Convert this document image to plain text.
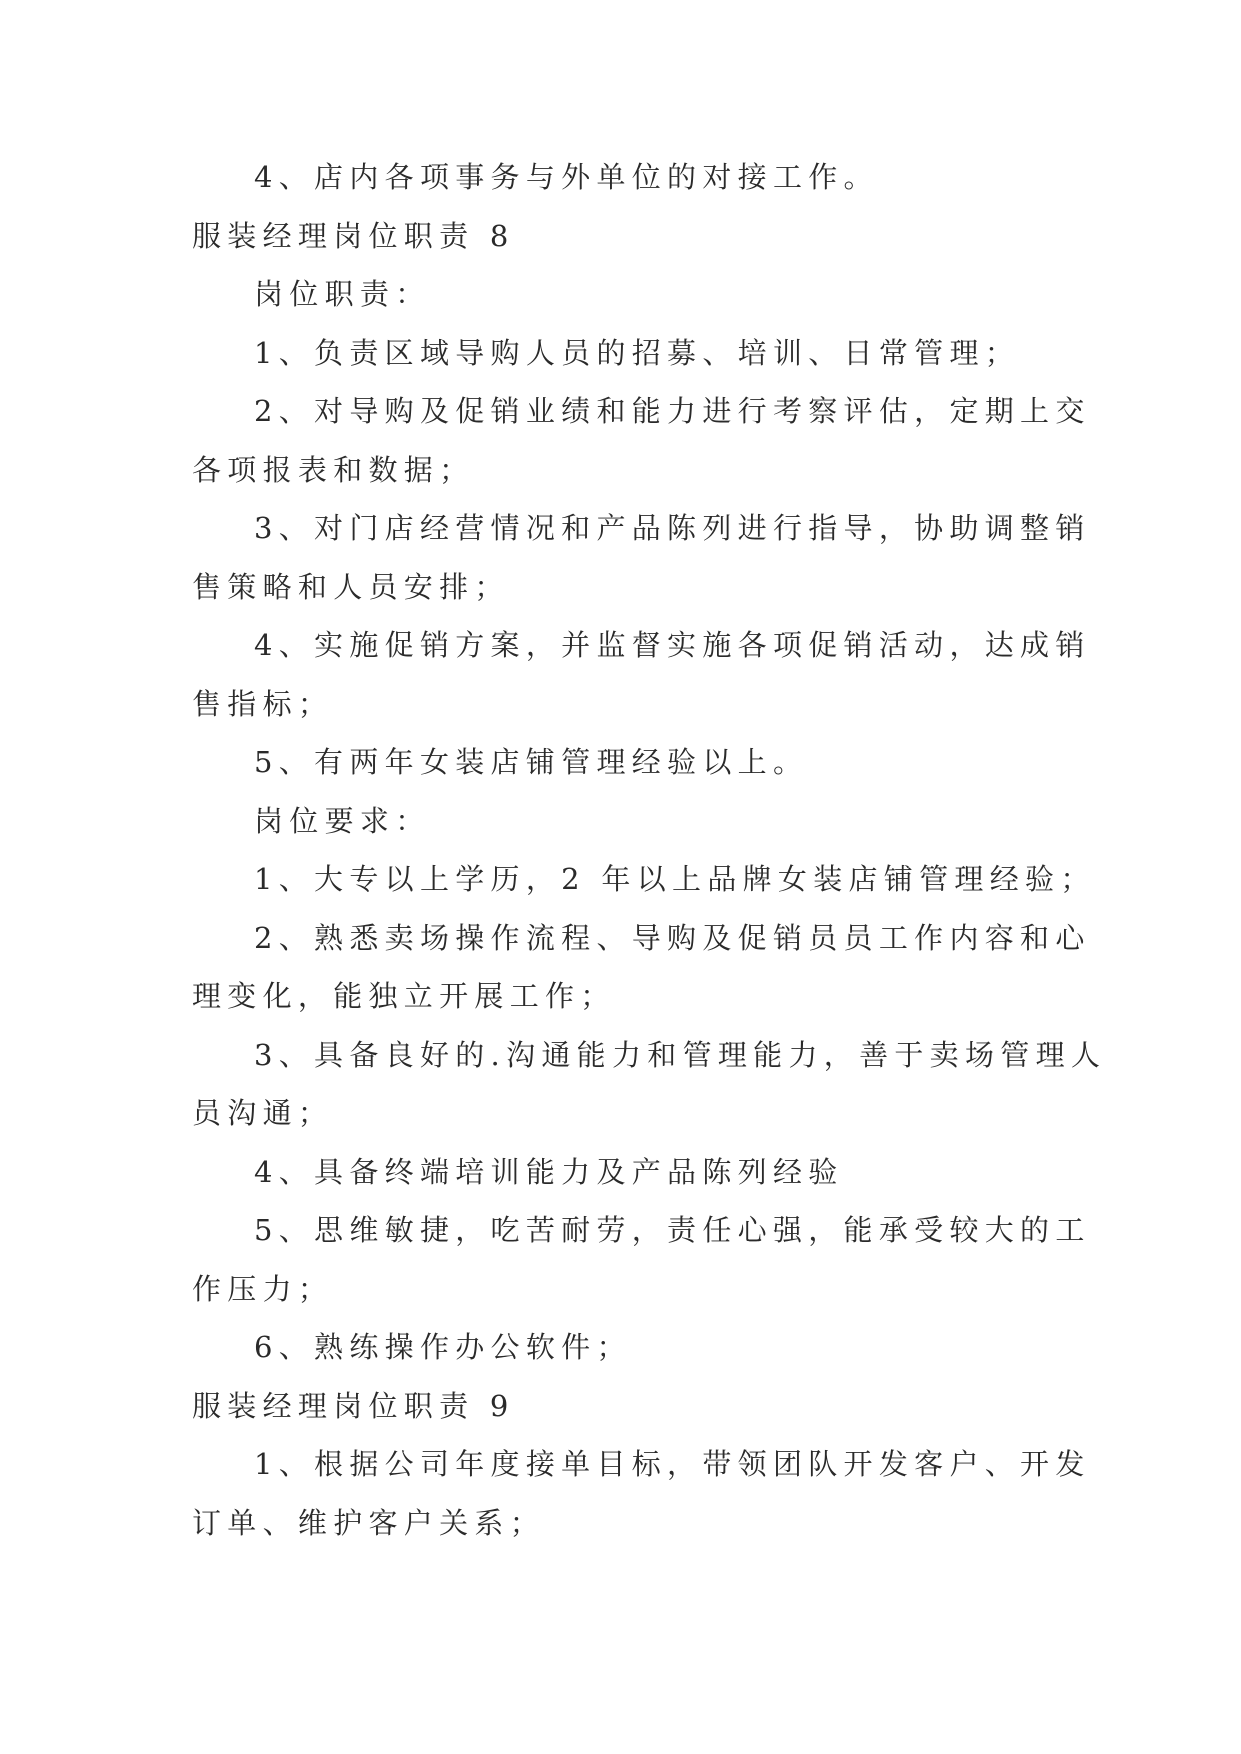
4、店内各项事务与外单位的对接工作。

服装经理岗位职责 8

岗位职责：

1、负责区域导购人员的招募、培训、日常管理；

2、对导购及促销业绩和能力进行考察评估，定期上交

各项报表和数据；

3、对门店经营情况和产品陈列进行指导，协助调整销

售策略和人员安排；

4、实施促销方案，并监督实施各项促销活动，达成销

售指标；

5、有两年女装店铺管理经验以上。

岗位要求：

1、大专以上学历，2 年以上品牌女装店铺管理经验；

2、熟悉卖场操作流程、导购及促销员员工作内容和心

理变化，能独立开展工作；

3、具备良好的.沟通能力和管理能力，善于卖场管理人

员沟通；

4、具备终端培训能力及产品陈列经验

5、思维敏捷，吃苦耐劳，责任心强，能承受较大的工

作压力；

6、熟练操作办公软件；

服装经理岗位职责 9

1、根据公司年度接单目标，带领团队开发客户、开发

订单、维护客户关系；
